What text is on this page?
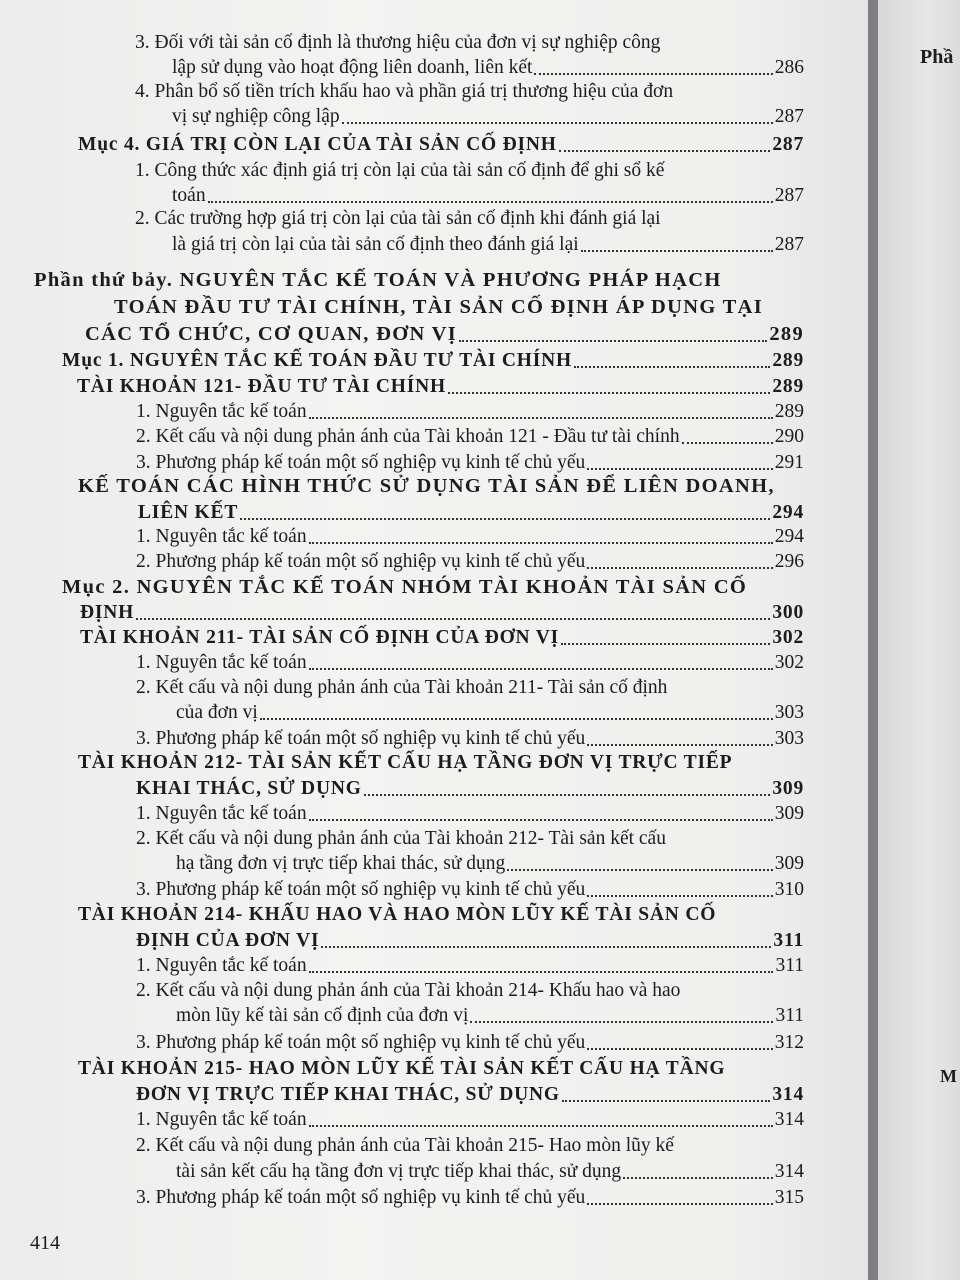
3. Đối với tài sản cố định là thương hiệu của đơn vị sự nghiệp công
lập sử dụng vào hoạt động liên doanh, liên kết	286
4. Phân bổ số tiền trích khấu hao và phần giá trị thương hiệu của đơn
vị sự nghiệp công lập	287
Mục 4. GIÁ TRỊ CÒN LẠI CỦA TÀI SẢN CỐ ĐỊNH	287
1. Công thức xác định giá trị còn lại của tài sản cố định để ghi sổ kế
toán	287
2. Các trường hợp giá trị còn lại của tài sản cố định khi đánh giá lại
là giá trị còn lại của tài sản cố định theo đánh giá lại	287
Phần thứ bảy. NGUYÊN TẮC KẾ TOÁN VÀ PHƯƠNG PHÁP HẠCH
TOÁN ĐẦU TƯ TÀI CHÍNH, TÀI SẢN CỐ ĐỊNH ÁP DỤNG TẠI
CÁC TỔ CHỨC, CƠ QUAN, ĐƠN VỊ	289
Mục 1. NGUYÊN TẮC KẾ TOÁN ĐẦU TƯ TÀI CHÍNH	289
TÀI KHOẢN 121- ĐẦU TƯ TÀI CHÍNH	289
1. Nguyên tắc kế toán	289
2. Kết cấu và nội dung phản ánh của Tài khoản 121 - Đầu tư tài chính	290
3. Phương pháp kế toán một số nghiệp vụ kinh tế chủ yếu	291
KẾ TOÁN CÁC HÌNH THỨC SỬ DỤNG TÀI SẢN ĐỂ LIÊN DOANH,
LIÊN KẾT	294
1. Nguyên tắc kế toán	294
2. Phương pháp kế toán một số nghiệp vụ kinh tế chủ yếu	296
Mục 2. NGUYÊN TẮC KẾ TOÁN NHÓM TÀI KHOẢN TÀI SẢN CỐ
ĐỊNH	300
TÀI KHOẢN 211- TÀI SẢN CỐ ĐỊNH CỦA ĐƠN VỊ	302
1. Nguyên tắc kế toán	302
2. Kết cấu và nội dung phản ánh của Tài khoản 211- Tài sản cố định
của đơn vị	303
3. Phương pháp kế toán một số nghiệp vụ kinh tế chủ yếu	303
TÀI KHOẢN 212- TÀI SẢN KẾT CẤU HẠ TẦNG ĐƠN VỊ TRỰC TIẾP
KHAI THÁC, SỬ DỤNG	309
1. Nguyên tắc kế toán	309
2. Kết cấu và nội dung phản ánh của Tài khoản 212- Tài sản kết cấu
hạ tầng đơn vị trực tiếp khai thác, sử dụng	309
3. Phương pháp kế toán một số nghiệp vụ kinh tế chủ yếu	310
TÀI KHOẢN 214- KHẤU HAO VÀ HAO MÒN LŨY KẾ TÀI SẢN CỐ
ĐỊNH CỦA ĐƠN VỊ	311
1. Nguyên tắc kế toán	311
2. Kết cấu và nội dung phản ánh của Tài khoản 214- Khấu hao và hao
mòn lũy kế tài sản cố định của đơn vị	311
3. Phương pháp kế toán một số nghiệp vụ kinh tế chủ yếu	312
TÀI KHOẢN 215- HAO MÒN LŨY KẾ TÀI SẢN KẾT CẤU HẠ TẦNG
ĐƠN VỊ TRỰC TIẾP KHAI THÁC, SỬ DỤNG	314
1. Nguyên tắc kế toán	314
2. Kết cấu và nội dung phản ánh của Tài khoản 215- Hao mòn lũy kế
tài sản kết cấu hạ tầng đơn vị trực tiếp khai thác, sử dụng	314
3. Phương pháp kế toán một số nghiệp vụ kinh tế chủ yếu	315
414
Phầ
M
